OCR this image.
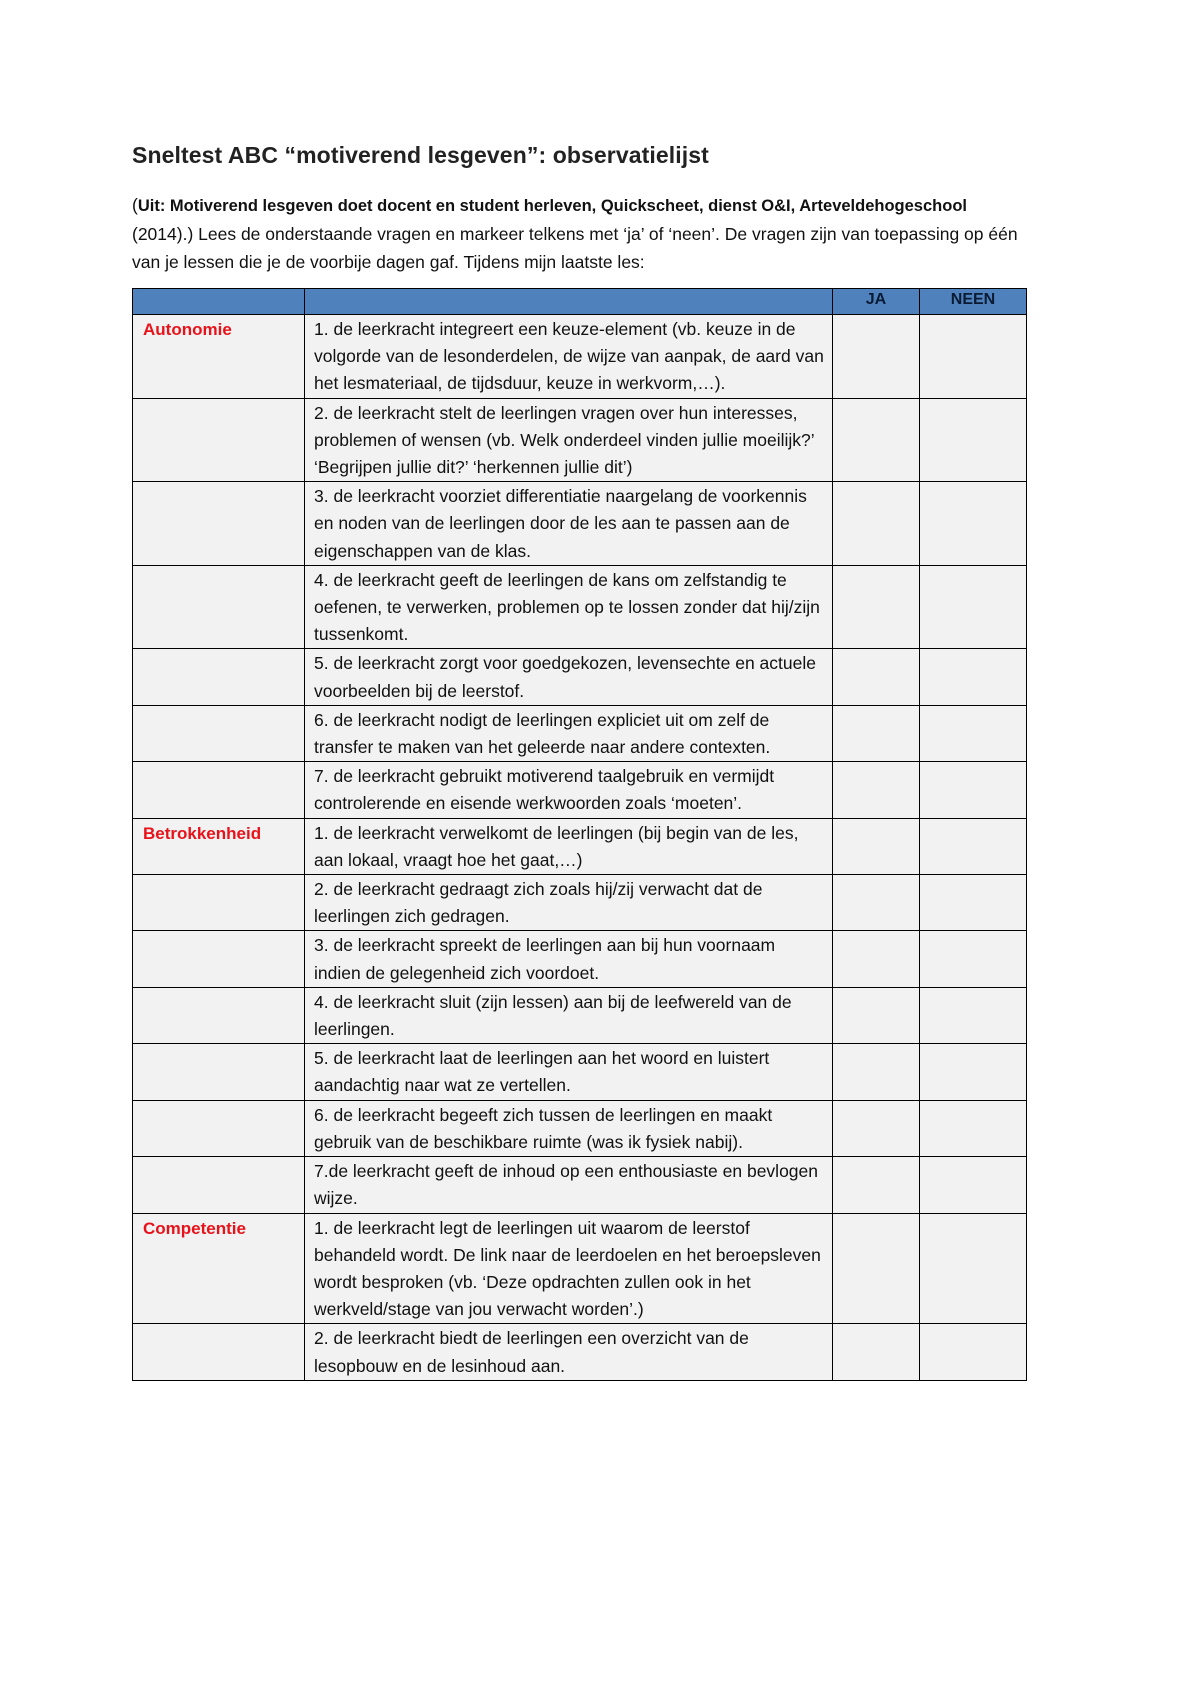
Sneltest ABC “motiverend lesgeven”: observatielijst

(Uit: Motiverend lesgeven doet docent en student herleven, Quickscheet, dienst O&I, Arteveldehogeschool (2014).) Lees de onderstaande vragen en markeer telkens met ‘ja’ of ‘neen’. De vragen zijn van toepassing op één van je lessen die je de voorbije dagen gaf. Tijdens mijn laatste les:

		JA	NEEN
Autonomie	1. de leerkracht integreert een keuze-element (vb. keuze in de volgorde van de lesonderdelen, de wijze van aanpak, de aard van het lesmateriaal, de tijdsduur, keuze in werkvorm,…).		
	2. de leerkracht stelt de leerlingen vragen over hun interesses, problemen of wensen (vb. Welk onderdeel vinden jullie moeilijk?’ ‘Begrijpen jullie dit?’ ‘herkennen jullie dit’)		
	3. de leerkracht voorziet differentiatie naargelang de voorkennis en noden van de leerlingen door de les aan te passen aan de eigenschappen van de klas.		
	4. de leerkracht geeft de leerlingen de kans om zelfstandig te oefenen, te verwerken, problemen op te lossen zonder dat hij/zijn tussenkomt.		
	5. de leerkracht zorgt voor goedgekozen, levensechte en actuele voorbeelden bij de leerstof.		
	6. de leerkracht nodigt de leerlingen expliciet uit om zelf de transfer te maken van het geleerde naar andere contexten.		
	7. de leerkracht gebruikt motiverend taalgebruik en vermijdt controlerende en eisende werkwoorden zoals ‘moeten’.		
Betrokkenheid	1. de leerkracht verwelkomt de leerlingen (bij begin van de les, aan lokaal, vraagt hoe het gaat,…)		
	2. de leerkracht gedraagt zich zoals hij/zij verwacht dat de leerlingen zich gedragen.		
	3. de leerkracht spreekt de leerlingen aan bij hun voornaam indien de gelegenheid zich voordoet.		
	4. de leerkracht sluit (zijn lessen) aan bij de leefwereld van de leerlingen.		
	5. de leerkracht laat de leerlingen aan het woord en luistert aandachtig naar wat ze vertellen.		
	6. de leerkracht begeeft zich tussen de leerlingen en maakt gebruik van de beschikbare ruimte (was ik fysiek nabij).		
	7.de leerkracht geeft de inhoud op een enthousiaste en bevlogen wijze.		
Competentie	1. de leerkracht legt de leerlingen uit waarom de leerstof behandeld wordt. De link naar de leerdoelen en het beroepsleven wordt besproken (vb. ‘Deze opdrachten zullen ook in het werkveld/stage van jou verwacht worden’.)		
	2. de leerkracht biedt de leerlingen een overzicht van de lesopbouw en de lesinhoud aan.		
